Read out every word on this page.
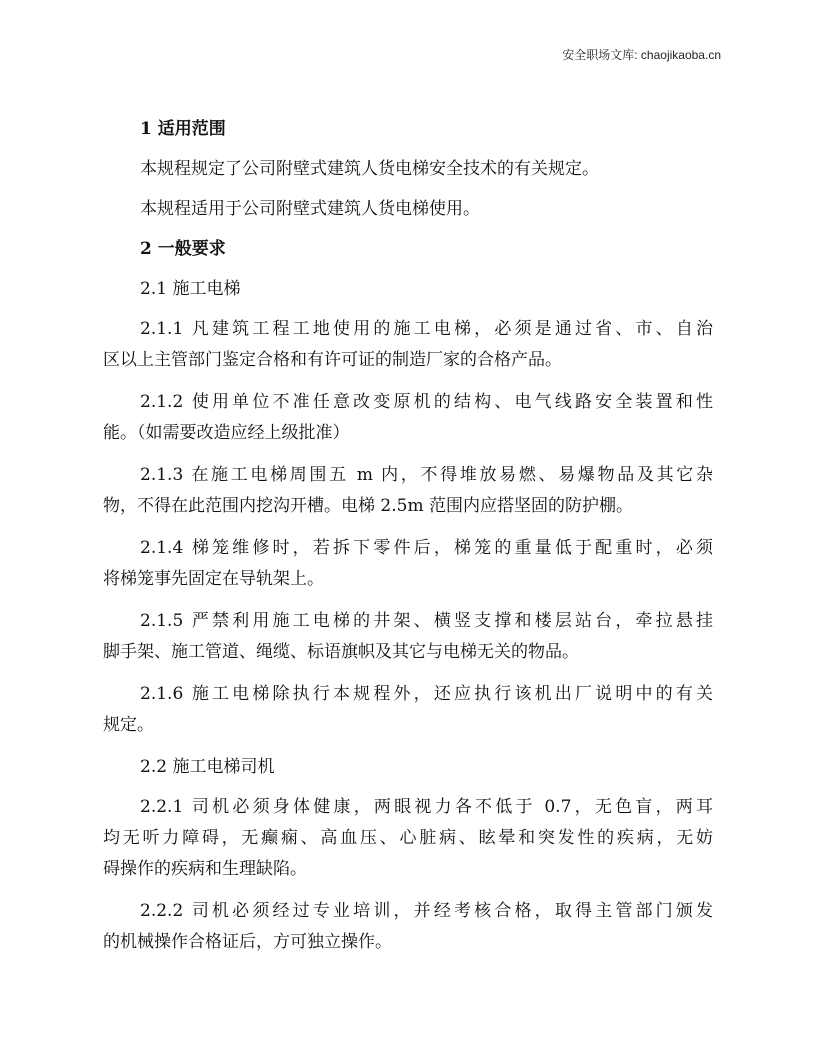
安全职场文库: chaojikaoba.cn
1 适用范围
本规程规定了公司附壁式建筑人货电梯安全技术的有关规定。
本规程适用于公司附壁式建筑人货电梯使用。
2 一般要求
2.1 施工电梯
2.1.1 凡建筑工程工地使用的施工电梯，必须是通过省、市、自治
区以上主管部门鉴定合格和有许可证的制造厂家的合格产品。
2.1.2 使用单位不准任意改变原机的结构、电气线路安全装置和性
能。（如需要改造应经上级批准）
2.1.3 在施工电梯周围五 m 内，不得堆放易燃、易爆物品及其它杂
物，不得在此范围内挖沟开槽。电梯 2.5m 范围内应搭坚固的防护棚。
2.1.4 梯笼维修时，若拆下零件后，梯笼的重量低于配重时，必须
将梯笼事先固定在导轨架上。
2.1.5 严禁利用施工电梯的井架、横竖支撑和楼层站台，牵拉悬挂
脚手架、施工管道、绳缆、标语旗帜及其它与电梯无关的物品。
2.1.6 施工电梯除执行本规程外，还应执行该机出厂说明中的有关
规定。
2.2 施工电梯司机
2.2.1 司机必须身体健康，两眼视力各不低于 0.7，无色盲，两耳
均无听力障碍，无癫痫、高血压、心脏病、眩晕和突发性的疾病，无妨
碍操作的疾病和生理缺陷。
2.2.2 司机必须经过专业培训，并经考核合格，取得主管部门颁发
的机械操作合格证后，方可独立操作。
